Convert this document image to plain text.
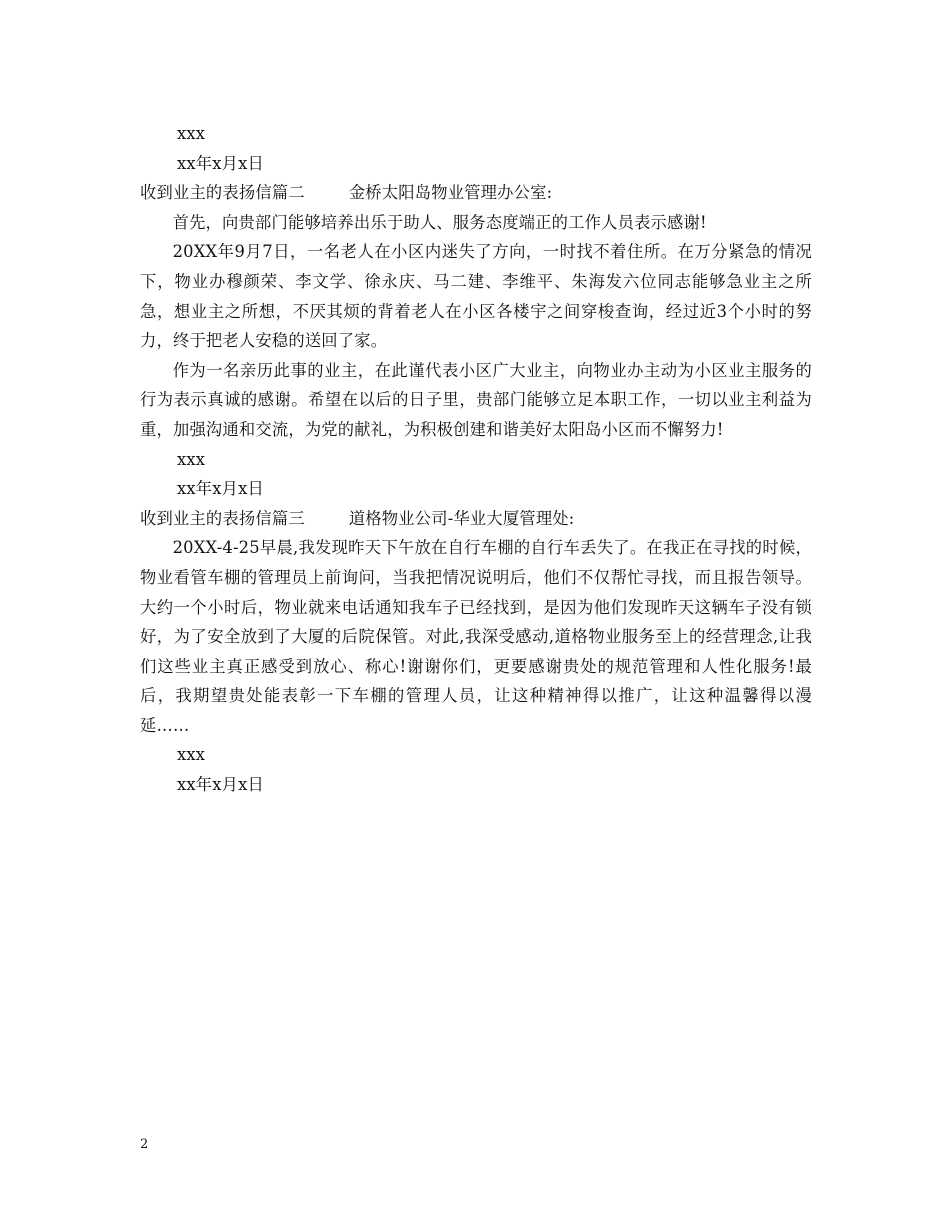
xxx
xx年x月x日
收到业主的表扬信篇二	金桥太阳岛物业管理办公室:
首先，向贵部门能够培养出乐于助人、服务态度端正的工作人员表示感谢!
20XX年9月7日，一名老人在小区内迷失了方向，一时找不着住所。在万分紧急的情况下，物业办穆颜荣、李文学、徐永庆、马二建、李维平、朱海发六位同志能够急业主之所急，想业主之所想，不厌其烦的背着老人在小区各楼宇之间穿梭查询，经过近3个小时的努力，终于把老人安稳的送回了家。
作为一名亲历此事的业主，在此谨代表小区广大业主，向物业办主动为小区业主服务的行为表示真诚的感谢。希望在以后的日子里，贵部门能够立足本职工作，一切以业主利益为重，加强沟通和交流，为党的献礼，为积极创建和谐美好太阳岛小区而不懈努力!
xxx
xx年x月x日
收到业主的表扬信篇三	道格物业公司-华业大厦管理处:
20XX-4-25早晨,我发现昨天下午放在自行车棚的自行车丢失了。在我正在寻找的时候，物业看管车棚的管理员上前询问，当我把情况说明后，他们不仅帮忙寻找，而且报告领导。大约一个小时后，物业就来电话通知我车子已经找到，是因为他们发现昨天这辆车子没有锁好，为了安全放到了大厦的后院保管。对此,我深受感动,道格物业服务至上的经营理念,让我们这些业主真正感受到放心、称心!谢谢你们，更要感谢贵处的规范管理和人性化服务!最后，我期望贵处能表彰一下车棚的管理人员，让这种精神得以推广，让这种温馨得以漫延……
xxx
xx年x月x日
2
